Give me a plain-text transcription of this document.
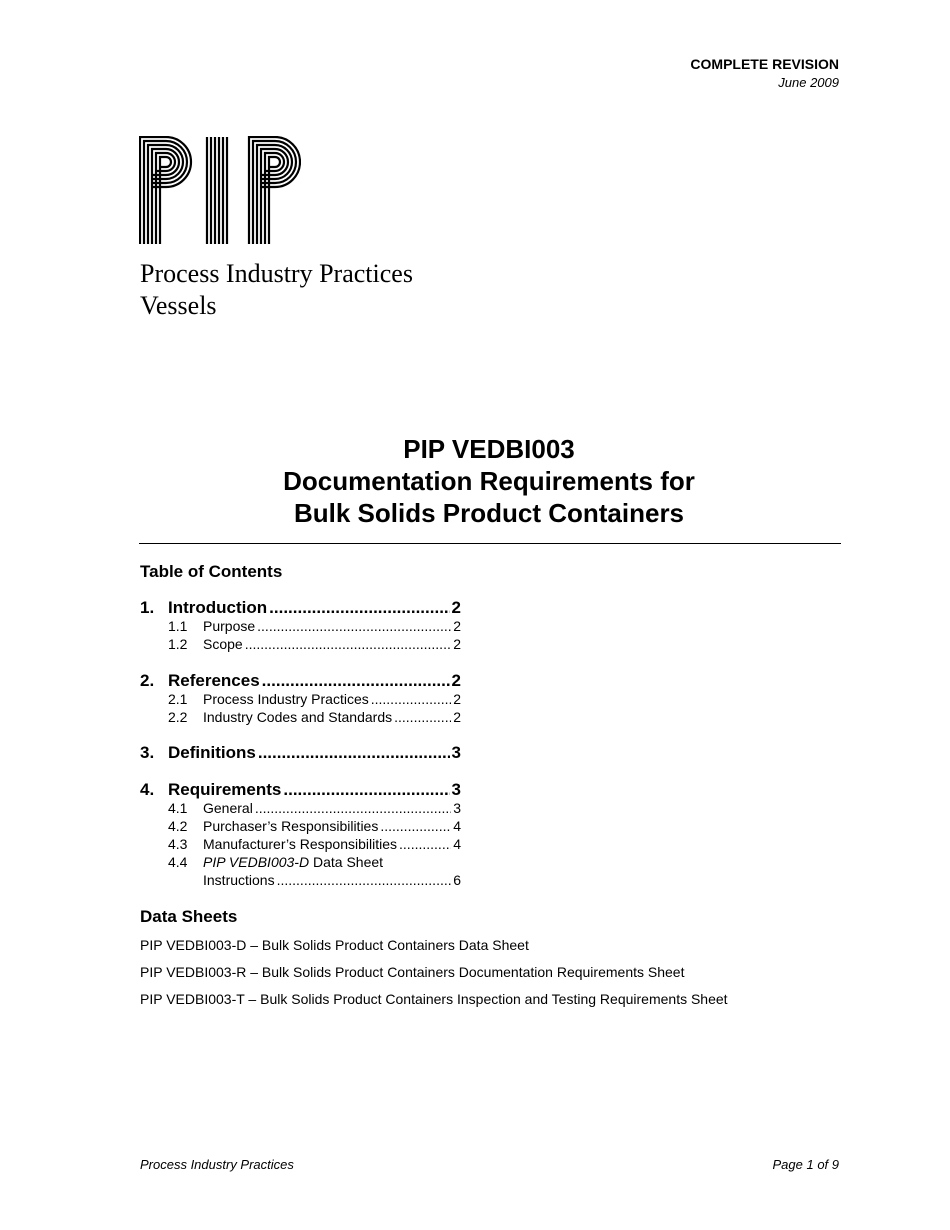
COMPLETE REVISION
June 2009
Process Industry Practices
Vessels
PIP VEDBI003
Documentation Requirements for
Bulk Solids Product Containers
Table of Contents
1. Introduction .....	2
1.1	Purpose .....	2
1.2	Scope .....	2
2. References .....	2
2.1	Process Industry Practices .....	2
2.2	Industry Codes and Standards .....	2
3. Definitions .....	3
4. Requirements .....	3
4.1	General .....	3
4.2	Purchaser’s Responsibilities .....	4
4.3	Manufacturer’s Responsibilities .....	4
4.4	PIP VEDBI003-D Data Sheet
Instructions .....	6
Data Sheets
PIP VEDBI003-D – Bulk Solids Product Containers Data Sheet
PIP VEDBI003-R – Bulk Solids Product Containers Documentation Requirements Sheet
PIP VEDBI003-T – Bulk Solids Product Containers Inspection and Testing Requirements Sheet
Process Industry Practices	Page 1 of 9
